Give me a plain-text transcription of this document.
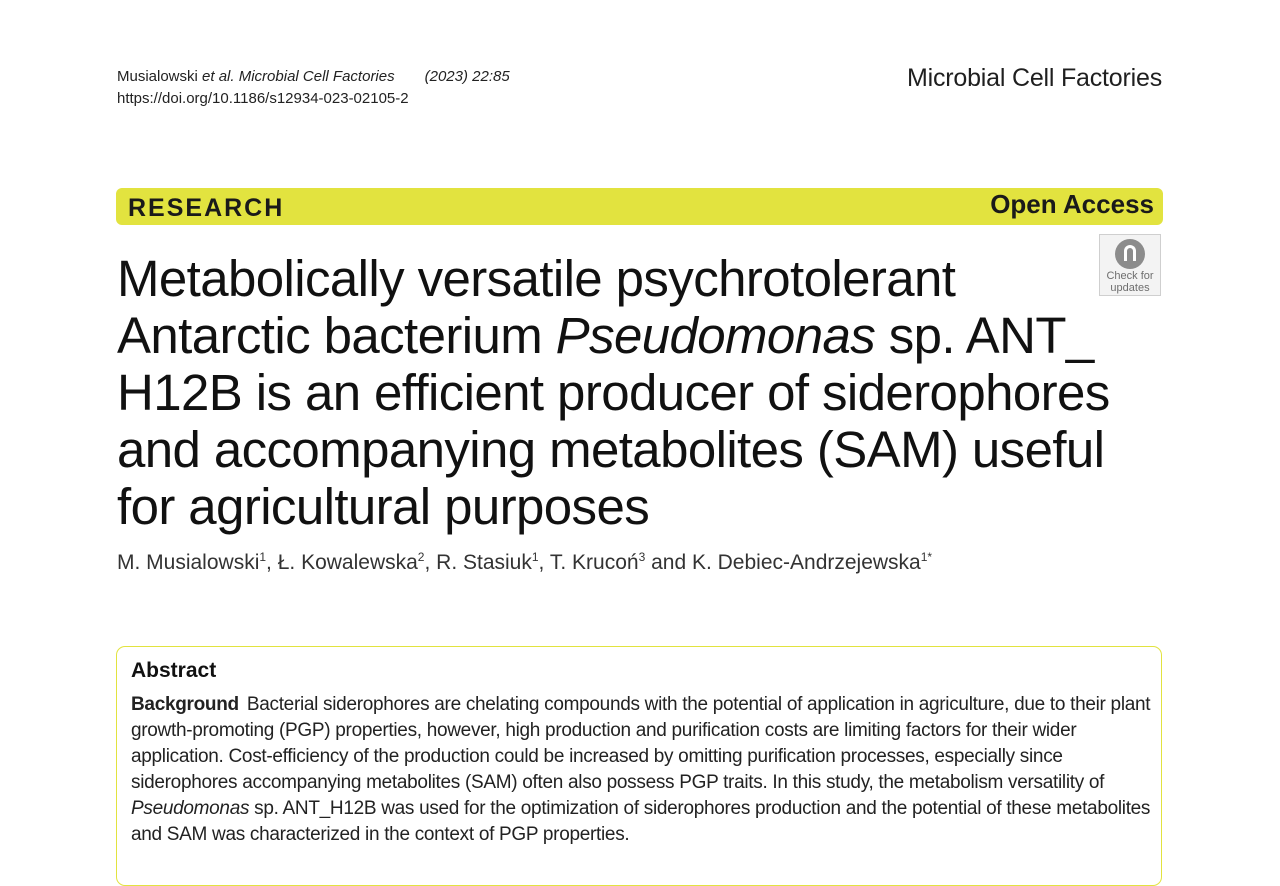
Musialowski et al. Microbial Cell Factories (2023) 22:85
https://doi.org/10.1186/s12934-023-02105-2
Microbial Cell Factories
RESEARCH	Open Access
Check for
updates
Metabolically versatile psychrotolerant Antarctic bacterium Pseudomonas sp. ANT_ H12B is an efficient producer of siderophores and accompanying metabolites (SAM) useful for agricultural purposes
M. Musialowski$^1$, Ł. Kowalewska$^2$, R. Stasiuk$^1$, T. Krucoń$^3$ and K. Debiec-Andrzejewska$^{1*}$
Abstract
Background Bacterial siderophores are chelating compounds with the potential of application in agriculture, due to their plant growth-promoting (PGP) properties, however, high production and purification costs are limiting factors for their wider application. Cost-efficiency of the production could be increased by omitting purification processes, especially since siderophores accompanying metabolites (SAM) often also possess PGP traits. In this study, the metabolism versatility of Pseudomonas sp. ANT_H12B was used for the optimization of siderophores production and the potential of these metabolites and SAM was characterized in the context of PGP properties.
